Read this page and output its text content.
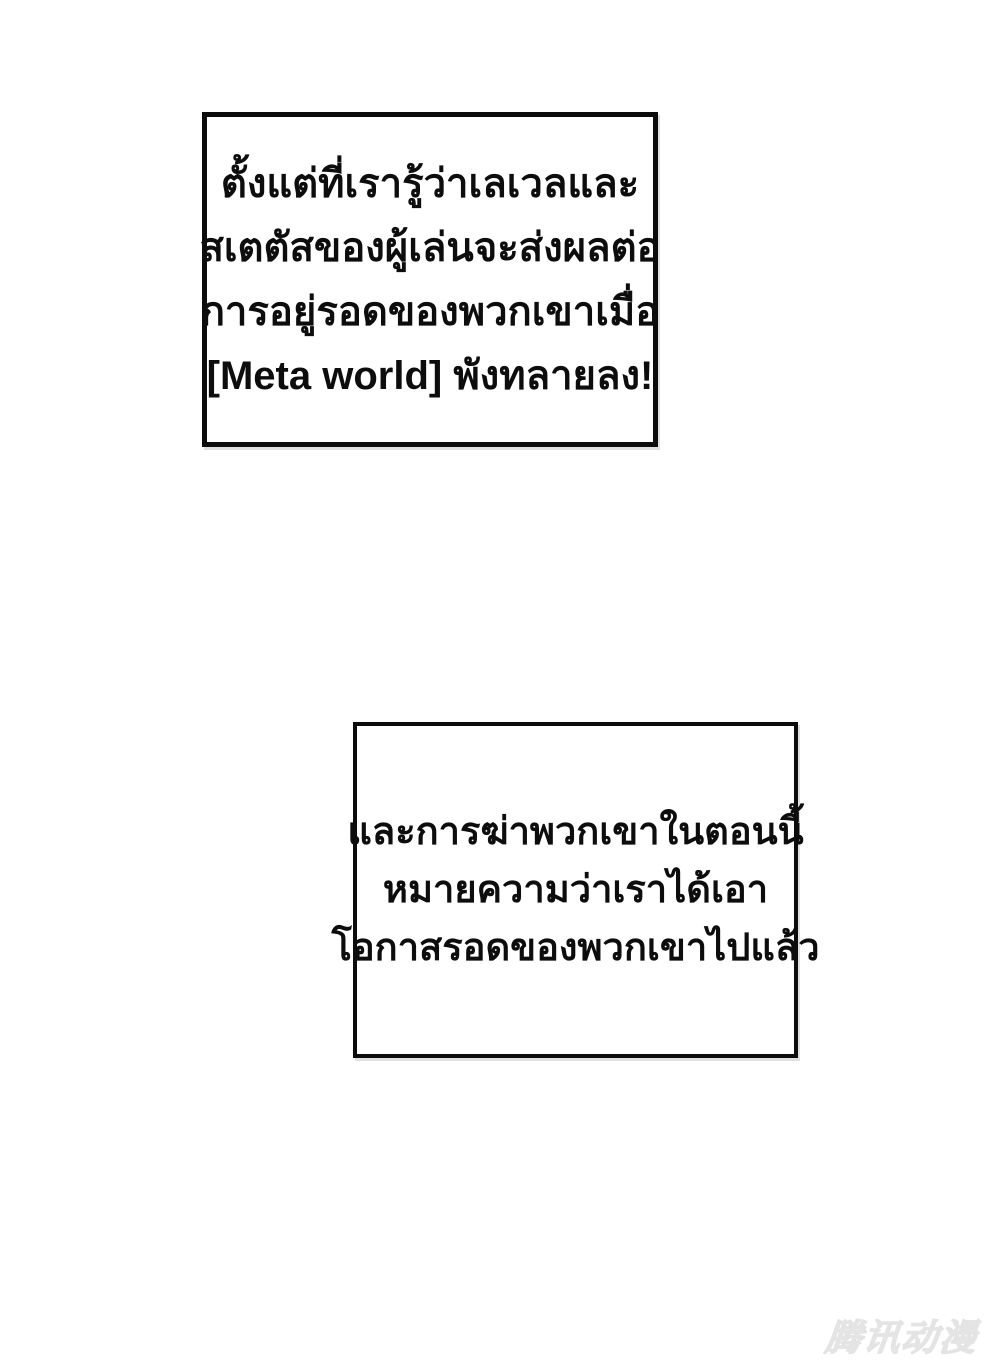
ตั้งแต่ที่เรารู้ว่าเลเวลและ
สเตตัสของผู้เล่นจะส่งผลต่อ
การอยู่รอดของพวกเขาเมื่อ
[Meta world] พังทลายลง!
และการฆ่าพวกเขาในตอนนี้
หมายความว่าเราได้เอา
โอกาสรอดของพวกเขาไปแล้ว
腾讯动漫
